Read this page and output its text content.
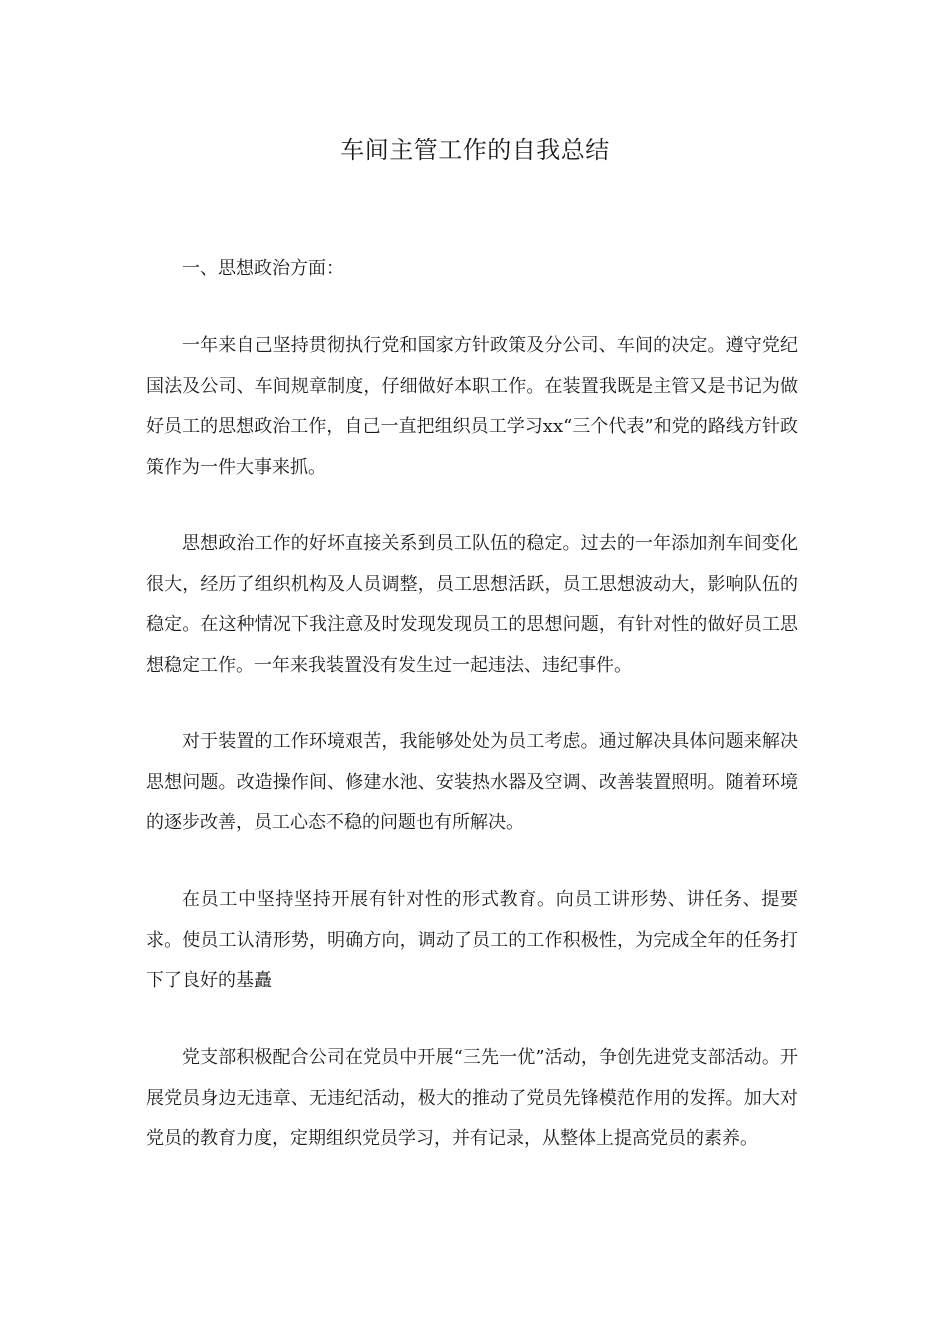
车间主管工作的自我总结
一、思想政治方面：

一年来自己坚持贯彻执行党和国家方针政策及分公司、车间的决定。遵守党纪国法及公司、车间规章制度，仔细做好本职工作。在装置我既是主管又是书记为做好员工的思想政治工作，自己一直把组织员工学习xx“三个代表”和党的路线方针政策作为一件大事来抓。

思想政治工作的好坏直接关系到员工队伍的稳定。过去的一年添加剂车间变化很大，经历了组织机构及人员调整，员工思想活跃，员工思想波动大，影响队伍的稳定。在这种情况下我注意及时发现发现员工的思想问题，有针对性的做好员工思想稳定工作。一年来我装置没有发生过一起违法、违纪事件。

对于装置的工作环境艰苦，我能够处处为员工考虑。通过解决具体问题来解决思想问题。改造操作间、修建水池、安装热水器及空调、改善装置照明。随着环境的逐步改善，员工心态不稳的问题也有所解决。

在员工中坚持坚持开展有针对性的形式教育。向员工讲形势、讲任务、提要求。使员工认清形势，明确方向，调动了员工的工作积极性，为完成全年的任务打下了良好的基矗

党支部积极配合公司在党员中开展“三先一优”活动，争创先进党支部活动。开展党员身边无违章、无违纪活动，极大的推动了党员先锋模范作用的发挥。加大对党员的教育力度，定期组织党员学习，并有记录，从整体上提高党员的素养。
